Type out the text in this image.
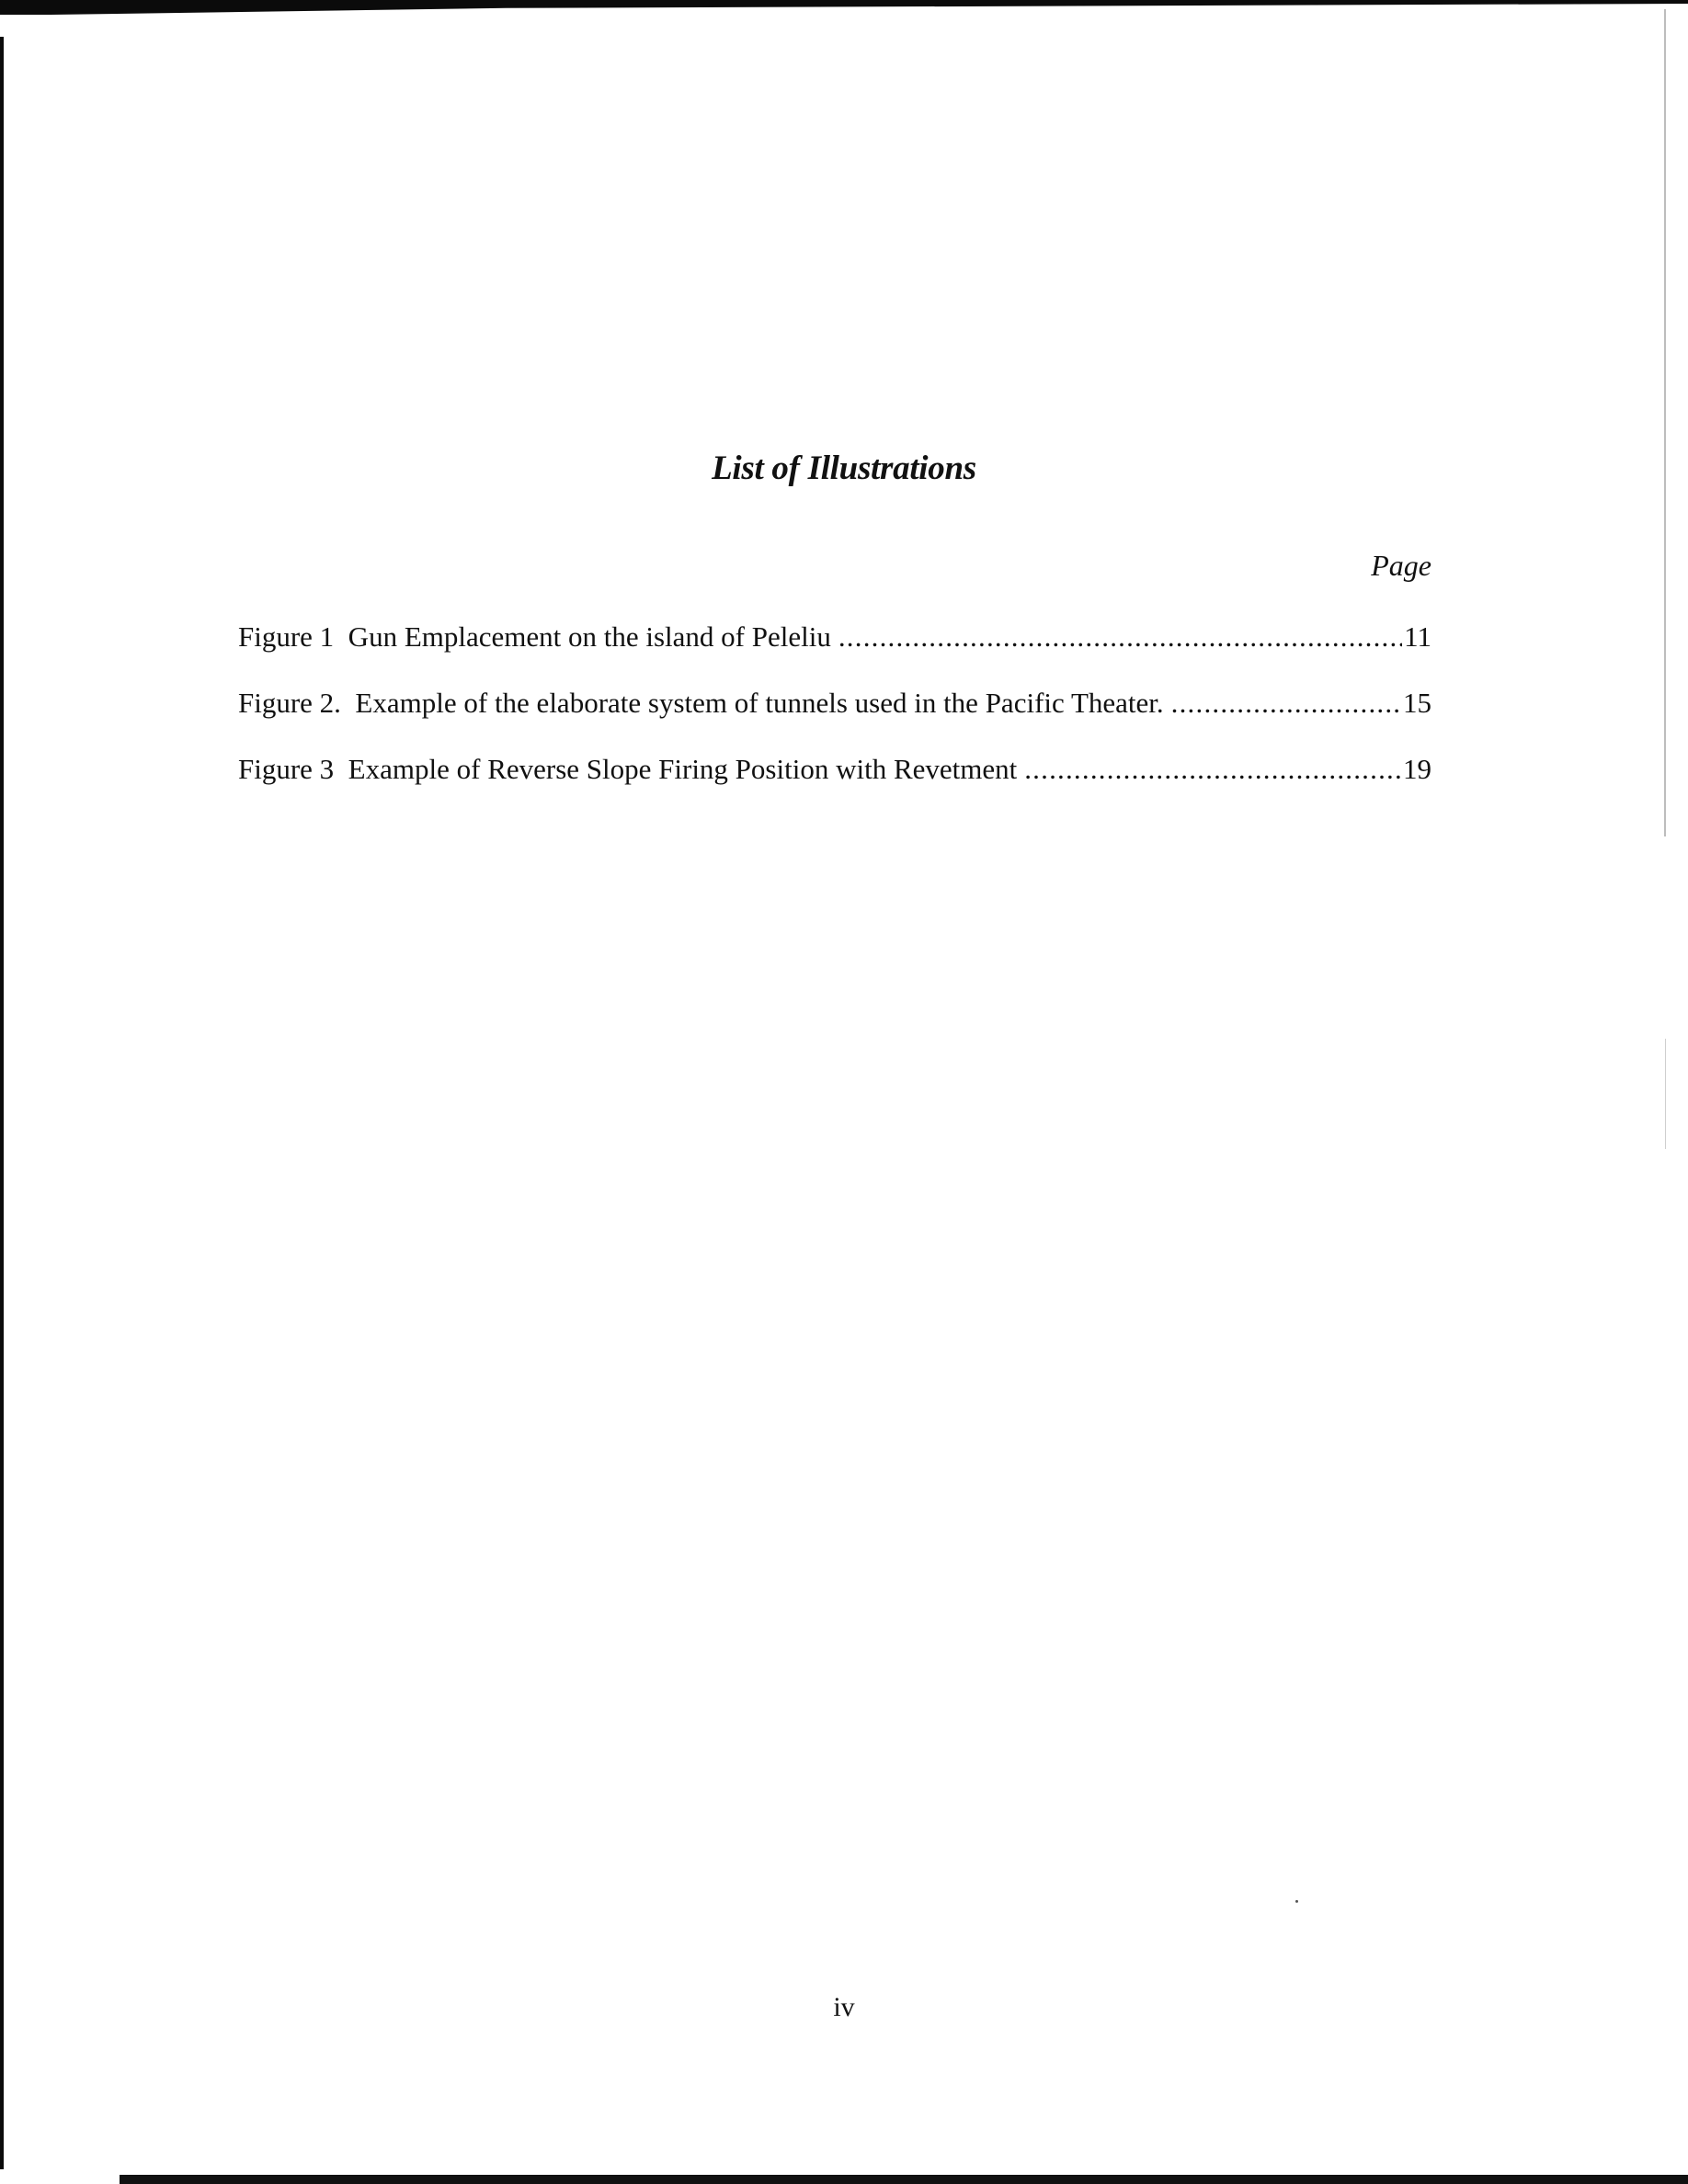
List of Illustrations
Page
Figure 1  Gun Emplacement on the island of Peleliu .....	11
Figure 2.  Example of the elaborate system of tunnels used in the Pacific Theater. .....	15
Figure 3  Example of Reverse Slope Firing Position with Revetment .....	19
iv
